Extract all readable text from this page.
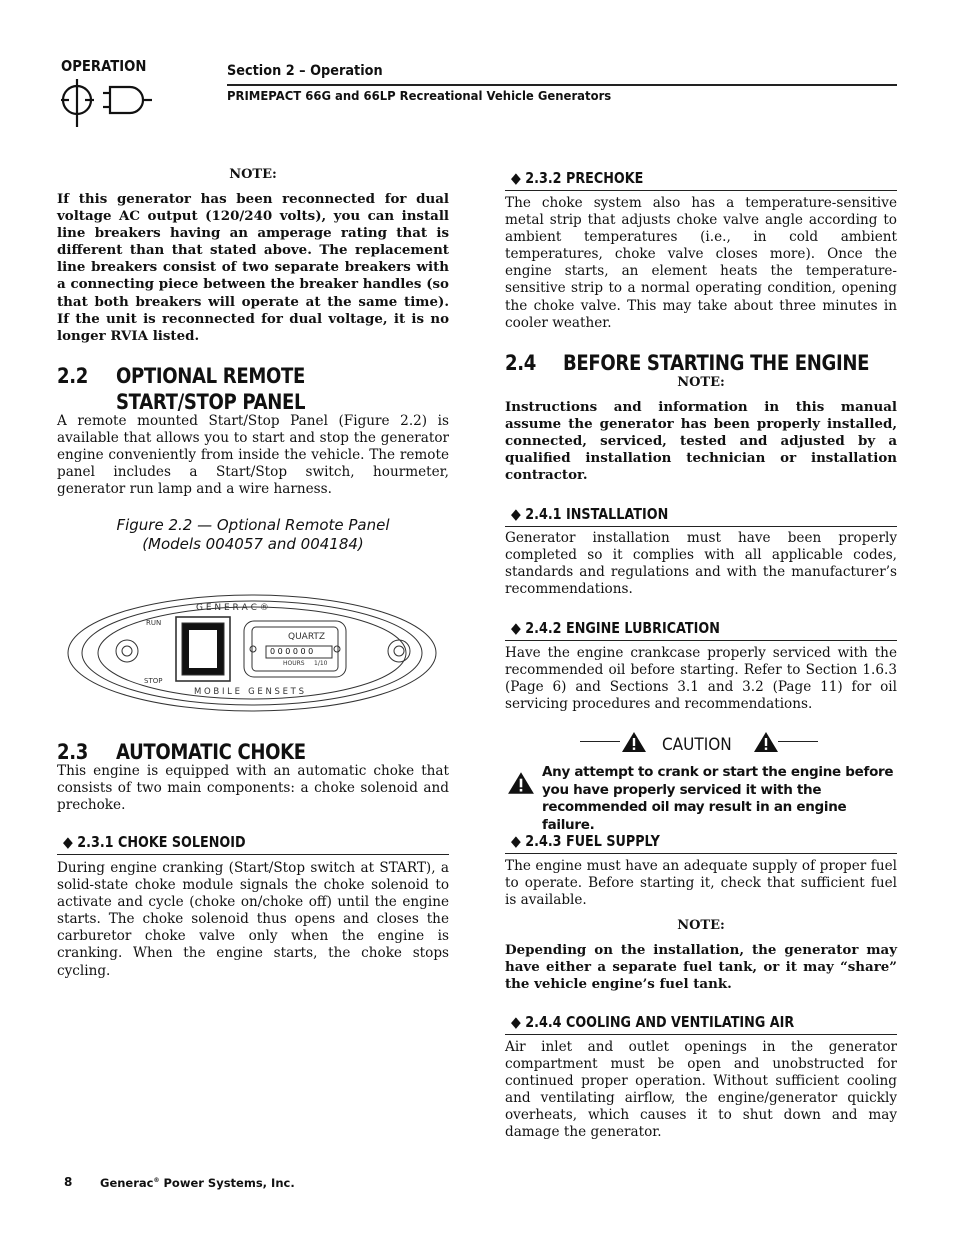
OPERATION	Section 2 – Operation
PRIMEPACT 66G and 66LP Recreational Vehicle Generators
NOTE:
If this generator has been reconnected for dual voltage AC output (120/240 volts), you can install line breakers having an amperage rating that is different than that stated above. The replacement line breakers consist of two separate breakers with a connecting piece between the breaker handles (so that both breakers will operate at the same time). If the unit is reconnected for dual voltage, it is no longer RVIA listed.
2.2 OPTIONAL REMOTE
START/STOP PANEL
A remote mounted Start/Stop Panel (Figure 2.2) is available that allows you to start and stop the generator engine conveniently from inside the vehicle. The remote panel includes a Start/Stop switch, hourmeter, generator run lamp and a wire harness.
Figure 2.2 — Optional Remote Panel
(Models 004057 and 004184)
G E N E R A C ®
RUN
STOP
QUARTZ
0 0 0 0 0 0
HOURS 1/10
M O B I L E   G E N S E T S
2.3 AUTOMATIC CHOKE
This engine is equipped with an automatic choke that consists of two main components: a choke solenoid and prechoke.
◆ 2.3.1 CHOKE SOLENOID
During engine cranking (Start/Stop switch at START), a solid-state choke module signals the choke solenoid to activate and cycle (choke on/choke off) until the engine starts. The choke solenoid thus opens and closes the carburetor choke valve only when the engine is cranking. When the engine starts, the choke stops cycling.
◆ 2.3.2 PRECHOKE
The choke system also has a temperature-sensitive metal strip that adjusts choke valve angle according to ambient temperatures (i.e., in cold ambient temperatures, choke valve closes more). Once the engine starts, an element heats the temperature-sensitive strip to a normal operating condition, opening the choke valve. This may take about three minutes in cooler weather.
2.4 BEFORE STARTING THE ENGINE
NOTE:
Instructions and information in this manual assume the generator has been properly installed, connected, serviced, tested and adjusted by a qualified installation technician or installation contractor.
◆ 2.4.1 INSTALLATION
Generator installation must have been properly completed so it complies with all applicable codes, standards and regulations and with the manufacturer’s recommendations.
◆ 2.4.2 ENGINE LUBRICATION
Have the engine crankcase properly serviced with the recommended oil before starting. Refer to Section 1.6.3 (Page 6) and Sections 3.1 and 3.2 (Page 11) for oil servicing procedures and recommendations.
CAUTION
Any attempt to crank or start the engine before you have properly serviced it with the recommended oil may result in an engine failure.
◆ 2.4.3 FUEL SUPPLY
The engine must have an adequate supply of proper fuel to operate. Before starting it, check that sufficient fuel is available.
NOTE:
Depending on the installation, the generator may have either a separate fuel tank, or it may “share” the vehicle engine’s fuel tank.
◆ 2.4.4 COOLING AND VENTILATING AIR
Air inlet and outlet openings in the generator compartment must be open and unobstructed for continued proper operation. Without sufficient cooling and ventilating airflow, the engine/generator quickly overheats, which causes it to shut down and may damage the generator.
8 Generac® Power Systems, Inc.
